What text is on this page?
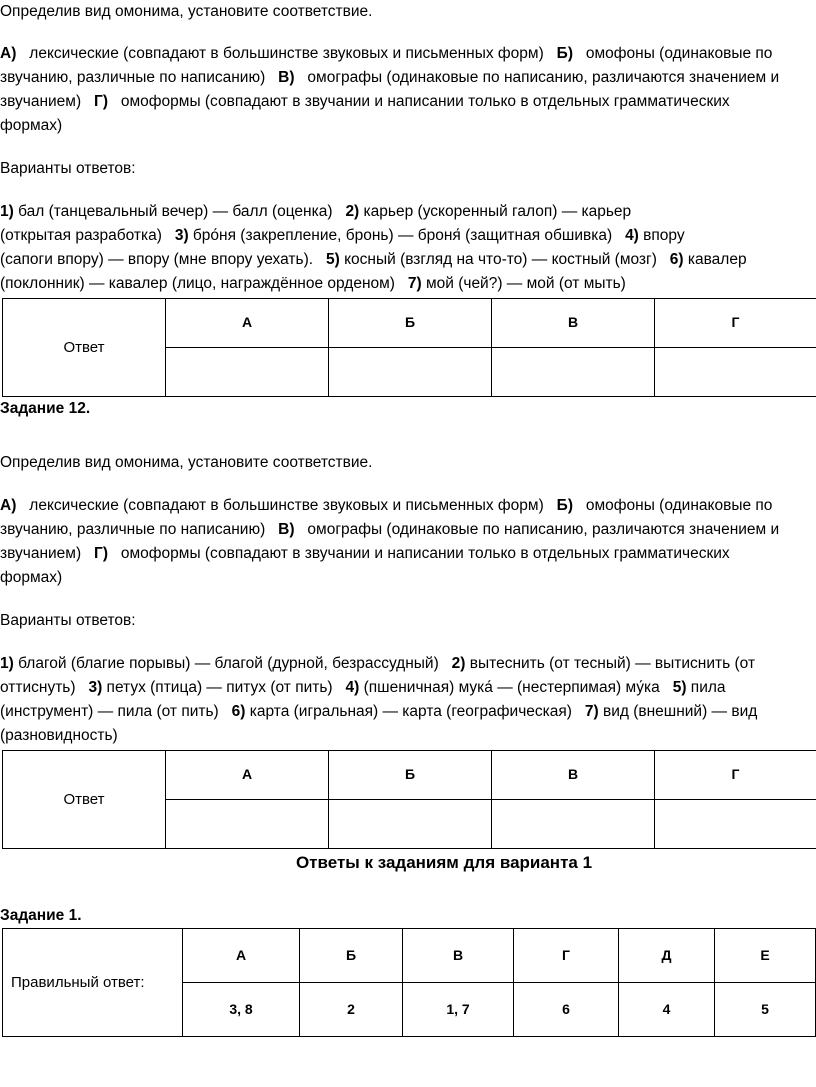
Определив вид омонима, установите соответствие.

А)   лексические (совпадают в большинстве звуковых и письменных форм)   Б)   омофоны (одинаковые по

звучанию, различные по написанию)   В)   омографы (одинаковые по написанию, различаются значением и

звучанием)   Г)   омоформы (совпадают в звучании и написании только в отдельных грамматических

формах)

Варианты ответов:

1) бал (танцевальный вечер) — балл (оценка)   2) карьер (ускоренный галоп) — карьер

(открытая разработка)   3) бро́ня (закрепление, бронь) — броня́ (защитная обшивка)   4) впору

(сапоги впору) — впору (мне впору уехать).   5) косный (взгляд на что-то) — костный (мозг)   6) кавалер

(поклонник) — кавалер (лицо, награждённое орденом)   7) мой (чей?) — мой (от мыть)

Ответ	А	Б	В	Г

Задание 12.

Определив вид омонима, установите соответствие.

А)   лексические (совпадают в большинстве звуковых и письменных форм)   Б)   омофоны (одинаковые по

звучанию, различные по написанию)   В)   омографы (одинаковые по написанию, различаются значением и

звучанием)   Г)   омоформы (совпадают в звучании и написании только в отдельных грамматических

формах)

Варианты ответов:

1) благой (благие порывы) — благой (дурной, безрассудный)   2) вытеснить (от тесный) — вытиснить (от

оттиснуть)   3) петух (птица) — питух (от пить)   4) (пшеничная) мука́ — (нестерпимая) му́ка   5) пила

(инструмент) — пила (от пить)   6) карта (игральная) — карта (географическая)   7) вид (внешний) — вид

(разновидность)

Ответ	А	Б	В	Г

Ответы к заданиям для варианта 1

Задание 1.

Правильный ответ:	А	Б	В	Г	Д	Е
	3, 8	2	1, 7	6	4	5
